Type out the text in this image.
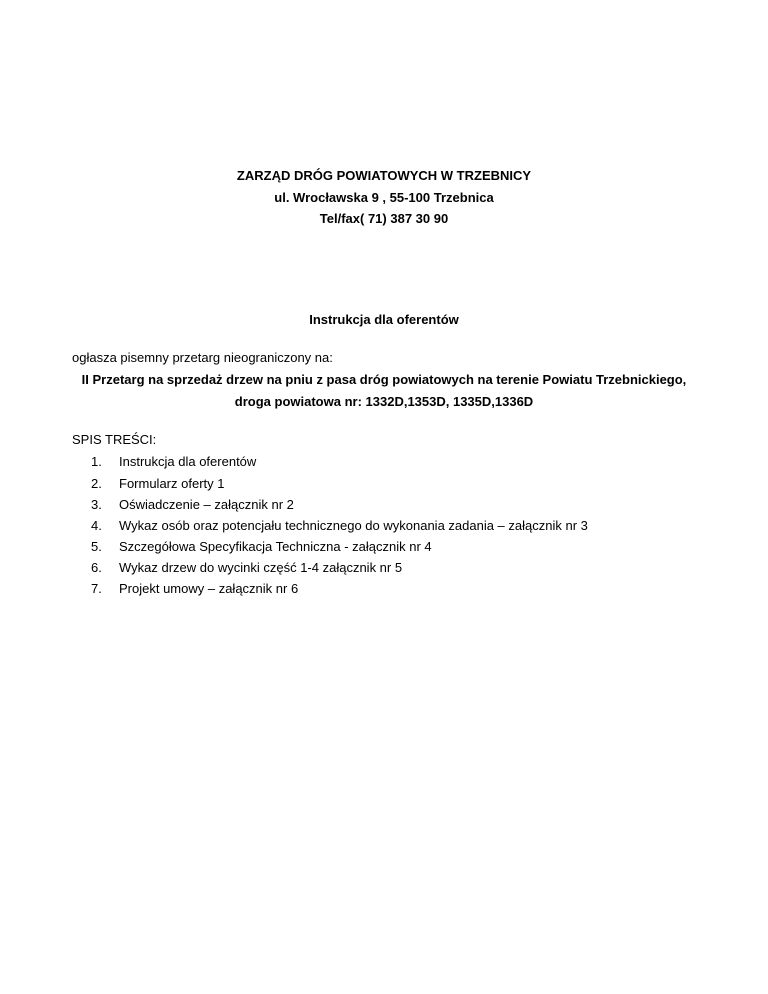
ZARZĄD DRÓG POWIATOWYCH W TRZEBNICY
ul. Wrocławska 9 , 55-100 Trzebnica
Tel/fax( 71) 387 30 90
Instrukcja dla oferentów
ogłasza pisemny przetarg nieograniczony na:
II Przetarg na sprzedaż drzew na pniu z pasa dróg powiatowych na terenie Powiatu Trzebnickiego,
droga powiatowa nr: 1332D,1353D, 1335D,1336D
SPIS TREŚCI:
1.	Instrukcja dla oferentów
2.	Formularz oferty 1
3.	Oświadczenie – załącznik nr 2
4.	Wykaz osób oraz potencjału technicznego do wykonania zadania – załącznik nr 3
5.	Szczegółowa Specyfikacja Techniczna - załącznik nr 4
6.	Wykaz drzew do wycinki część 1-4 załącznik nr 5
7.	Projekt umowy – załącznik nr 6
